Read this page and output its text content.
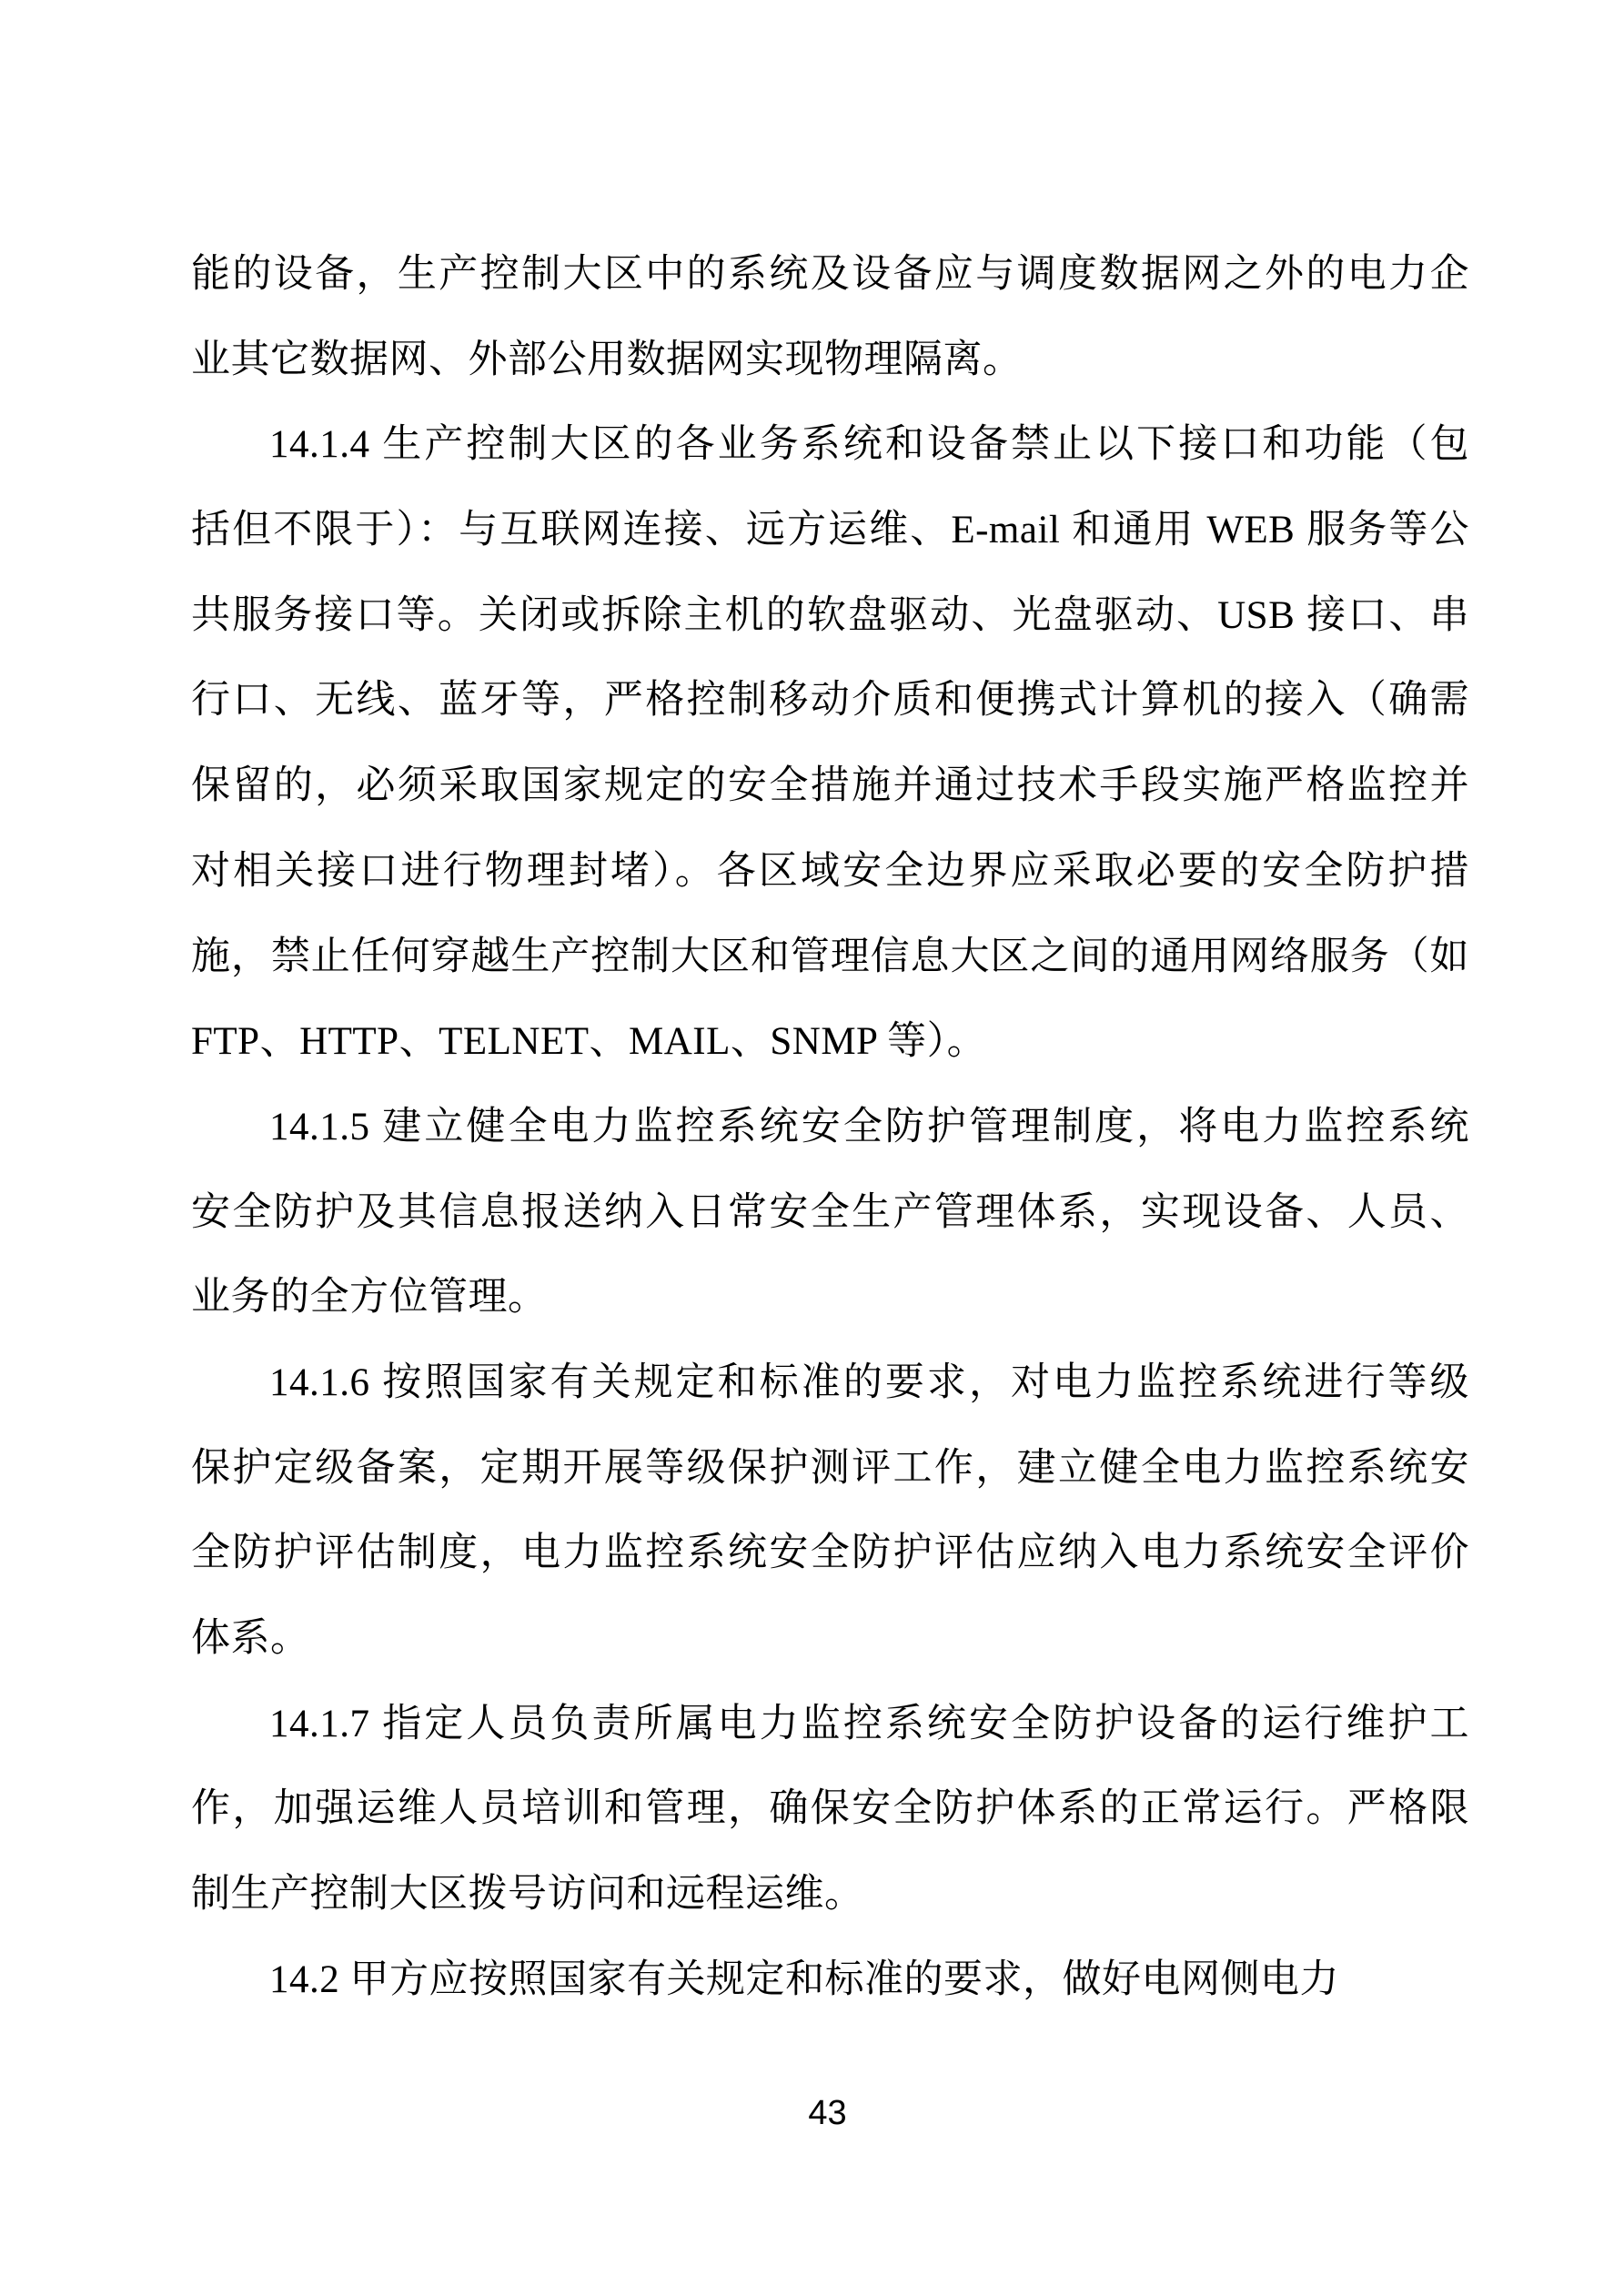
能的设备，生产控制大区中的系统及设备应与调度数据网之外的电力企
业其它数据网、外部公用数据网实现物理隔离。
14.1.4 生产控制大区的各业务系统和设备禁止以下接口和功能（包
括但不限于）：与互联网连接、远方运维、E-mail 和通用 WEB 服务等公
共服务接口等。关闭或拆除主机的软盘驱动、光盘驱动、USB 接口、串
行口、无线、蓝牙等，严格控制移动介质和便携式计算机的接入（确需
保留的，必须采取国家规定的安全措施并通过技术手段实施严格监控并
对相关接口进行物理封堵）。各区域安全边界应采取必要的安全防护措
施，禁止任何穿越生产控制大区和管理信息大区之间的通用网络服务（如
FTP、HTTP、TELNET、MAIL、SNMP 等）。
14.1.5 建立健全电力监控系统安全防护管理制度，将电力监控系统
安全防护及其信息报送纳入日常安全生产管理体系，实现设备、人员、
业务的全方位管理。
14.1.6 按照国家有关规定和标准的要求，对电力监控系统进行等级
保护定级备案，定期开展等级保护测评工作，建立健全电力监控系统安
全防护评估制度，电力监控系统安全防护评估应纳入电力系统安全评价
体系。
14.1.7 指定人员负责所属电力监控系统安全防护设备的运行维护工
作，加强运维人员培训和管理，确保安全防护体系的正常运行。严格限
制生产控制大区拨号访问和远程运维。
14.2 甲方应按照国家有关规定和标准的要求，做好电网侧电力
43
